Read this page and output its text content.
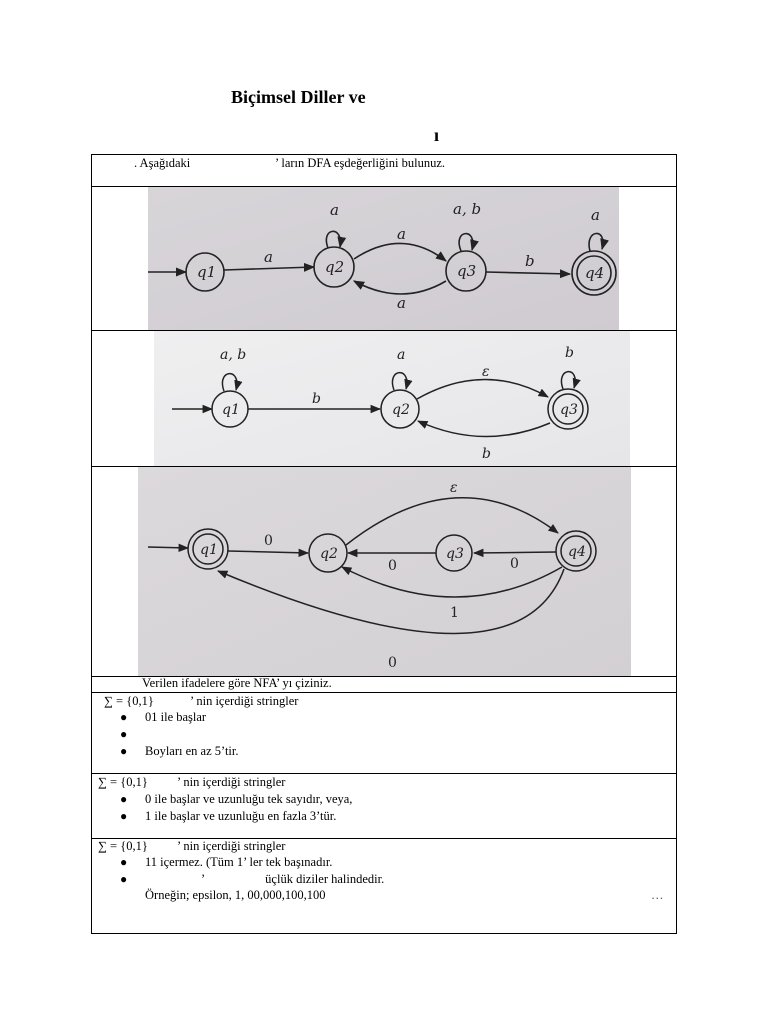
Biçimsel Diller ve
ı
. Aşağıdaki	’ ların DFA eşdeğerliğini bulunuz.
q1	q2	q3	q4
a
a	a, b
a
b
a
a
q1	q2	q3
a, b
b
a
ε
b
b
q1	q2	q3	q4
ε
0
0	0
1
0
Verilen ifadelere göre NFA’ yı çiziniz.
∑ = {0,1}	’ nin içerdiği stringler
● 01 ile başlar
●
● Boyları en az 5’tir.
∑ = {0,1} ’ nin içerdiği stringler
● 0 ile başlar ve uzunluğu tek sayıdır, veya,
● 1 ile başlar ve uzunluğu en fazla 3’tür.
∑ = {0,1} ’ nin içerdiği stringler
● 11 içermez. (Tüm 1’ ler tek başınadır.
●	’	üçlük diziler halindedir.
Örneğin; epsilon, 1, 00,000,100,100	…
